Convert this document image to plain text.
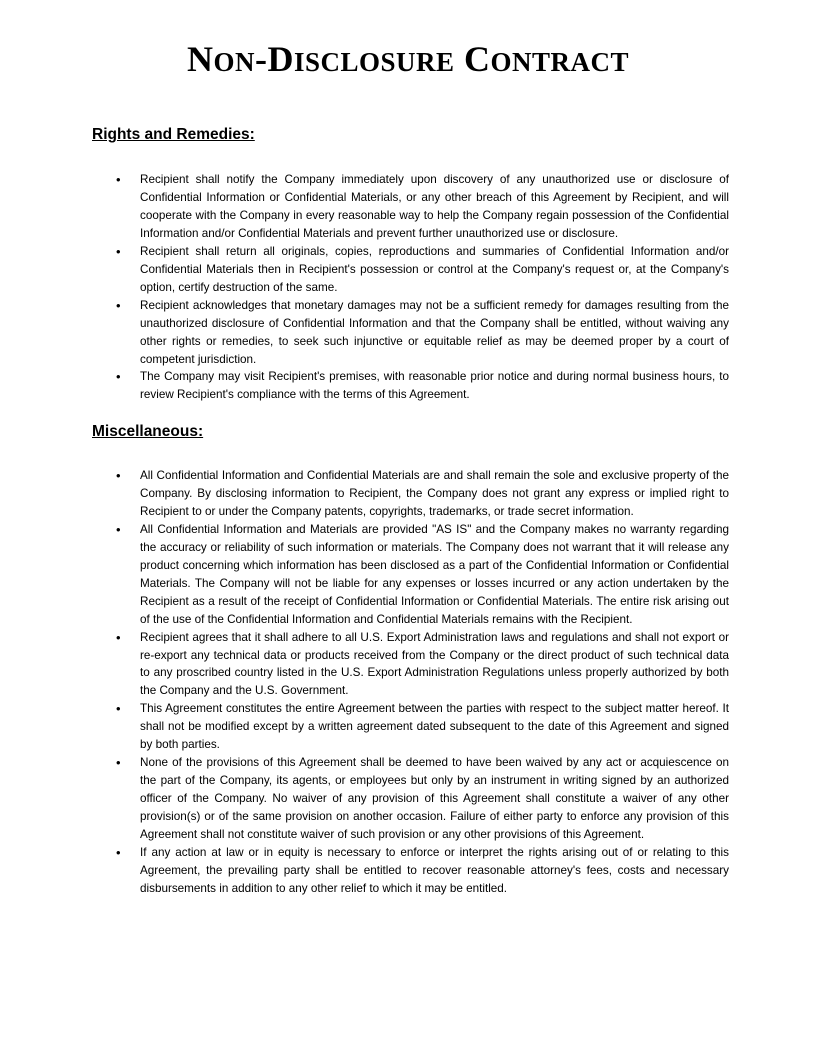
NON-DISCLOSURE CONTRACT
Rights and Remedies:
• Recipient shall notify the Company immediately upon discovery of any unauthorized use or disclosure of Confidential Information or Confidential Materials, or any other breach of this Agreement by Recipient, and will cooperate with the Company in every reasonable way to help the Company regain possession of the Confidential Information and/or Confidential Materials and prevent further unauthorized use or disclosure.
• Recipient shall return all originals, copies, reproductions and summaries of Confidential Information and/or Confidential Materials then in Recipient's possession or control at the Company's request or, at the Company's option, certify destruction of the same.
• Recipient acknowledges that monetary damages may not be a sufficient remedy for damages resulting from the unauthorized disclosure of Confidential Information and that the Company shall be entitled, without waiving any other rights or remedies, to seek such injunctive or equitable relief as may be deemed proper by a court of competent jurisdiction.
• The Company may visit Recipient's premises, with reasonable prior notice and during normal business hours, to review Recipient's compliance with the terms of this Agreement.
Miscellaneous:
• All Confidential Information and Confidential Materials are and shall remain the sole and exclusive property of the Company. By disclosing information to Recipient, the Company does not grant any express or implied right to Recipient to or under the Company patents, copyrights, trademarks, or trade secret information.
• All Confidential Information and Materials are provided "AS IS" and the Company makes no warranty regarding the accuracy or reliability of such information or materials. The Company does not warrant that it will release any product concerning which information has been disclosed as a part of the Confidential Information or Confidential Materials. The Company will not be liable for any expenses or losses incurred or any action undertaken by the Recipient as a result of the receipt of Confidential Information or Confidential Materials. The entire risk arising out of the use of the Confidential Information and Confidential Materials remains with the Recipient.
• Recipient agrees that it shall adhere to all U.S. Export Administration laws and regulations and shall not export or re-export any technical data or products received from the Company or the direct product of such technical data to any proscribed country listed in the U.S. Export Administration Regulations unless properly authorized by both the Company and the U.S. Government.
• This Agreement constitutes the entire Agreement between the parties with respect to the subject matter hereof. It shall not be modified except by a written agreement dated subsequent to the date of this Agreement and signed by both parties.
• None of the provisions of this Agreement shall be deemed to have been waived by any act or acquiescence on the part of the Company, its agents, or employees but only by an instrument in writing signed by an authorized officer of the Company. No waiver of any provision of this Agreement shall constitute a waiver of any other provision(s) or of the same provision on another occasion. Failure of either party to enforce any provision of this Agreement shall not constitute waiver of such provision or any other provisions of this Agreement.
• If any action at law or in equity is necessary to enforce or interpret the rights arising out of or relating to this Agreement, the prevailing party shall be entitled to recover reasonable attorney's fees, costs and necessary disbursements in addition to any other relief to which it may be entitled.
